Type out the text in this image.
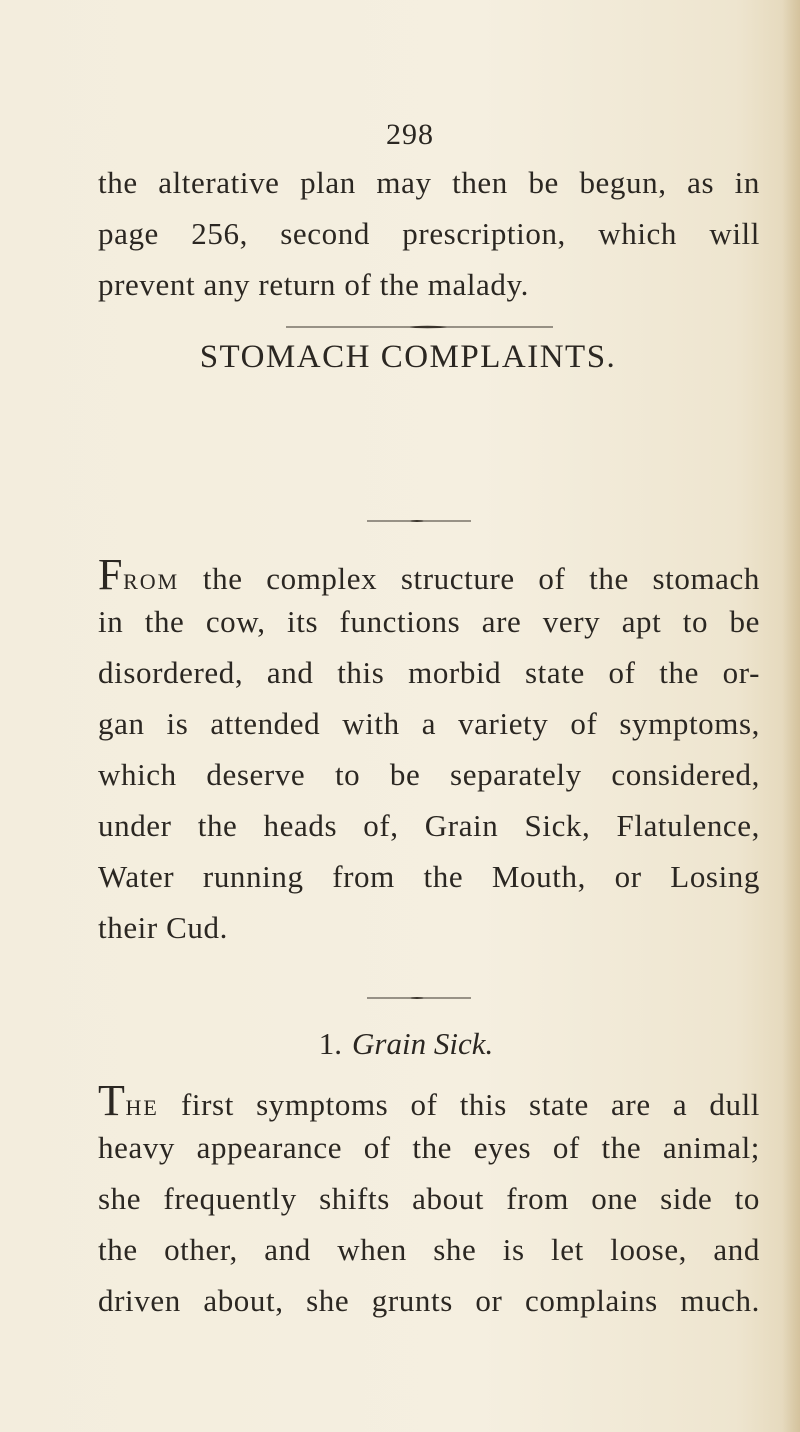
298
the alterative plan may then be begun, as in
page 256, second prescription, which will
prevent any return of the malady.
STOMACH COMPLAINTS.
From the complex structure of the stomach
in the cow, its functions are very apt to be
disordered, and this morbid state of the or-
gan is attended with a variety of symptoms,
which deserve to be separately considered,
under the heads of, Grain Sick, Flatulence,
Water running from the Mouth, or Losing
their Cud.
1. Grain Sick.
The first symptoms of this state are a dull
heavy appearance of the eyes of the animal;
she frequently shifts about from one side to
the other, and when she is let loose, and
driven about, she grunts or complains much.
